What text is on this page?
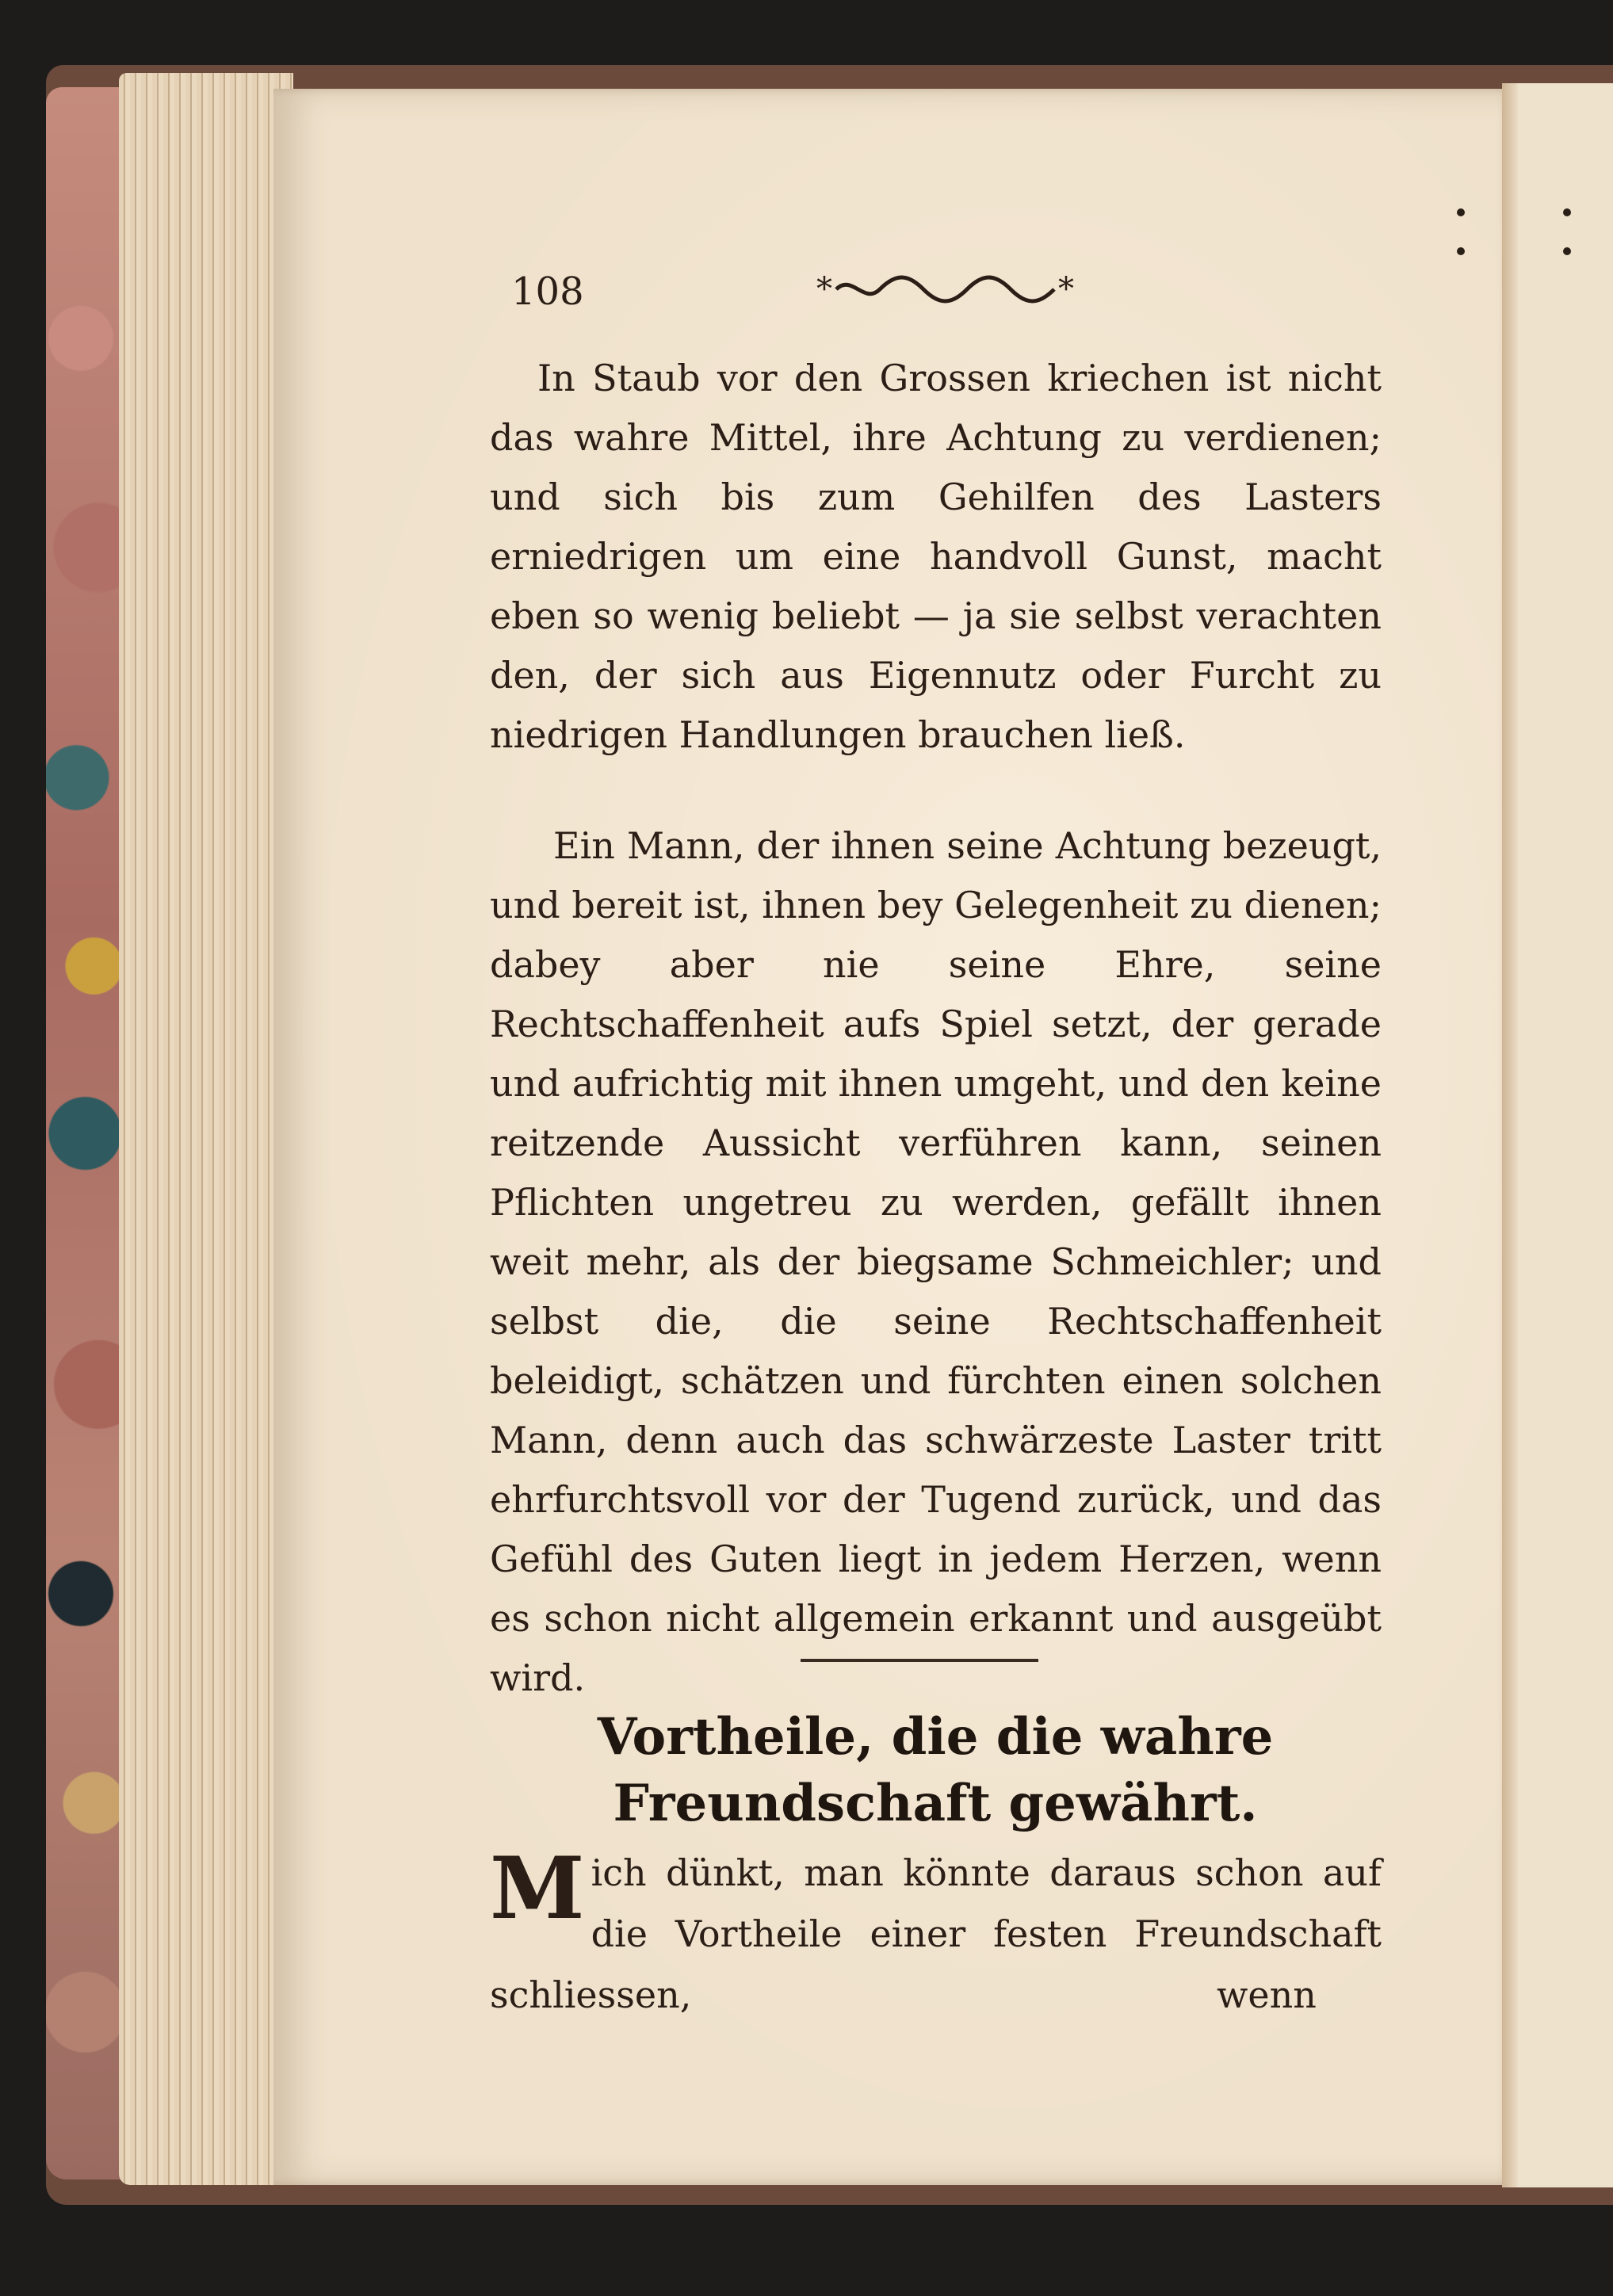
108	*	*

In Staub vor den Grossen kriechen ist nicht das wahre Mittel, ihre Achtung zu verdienen; und sich bis zum Gehilfen des Lasters erniedrigen um eine handvoll Gunst, macht eben so wenig beliebt — ja sie selbst verachten den, der sich aus Eigennutz oder Furcht zu niedrigen Handlungen brauchen ließ.

Ein Mann, der ihnen seine Achtung bezeugt, und bereit ist, ihnen bey Gelegenheit zu dienen; dabey aber nie seine Ehre, seine Rechtschaffenheit aufs Spiel setzt, der gerade und aufrichtig mit ihnen umgeht, und den keine reitzende Aussicht verführen kann, seinen Pflichten ungetreu zu werden, gefällt ihnen weit mehr, als der biegsame Schmeichler; und selbst die, die seine Rechtschaffenheit beleidigt, schätzen und fürchten einen solchen Mann, denn auch das schwärzeste Laster tritt ehrfurchtsvoll vor der Tugend zurück, und das Gefühl des Guten liegt in jedem Herzen, wenn es schon nicht allgemein erkannt und ausgeübt wird.

Vortheile, die die wahre Freundschaft gewährt.
M ich dünkt, man könnte daraus schon auf die Vortheile einer festen Freundschaft schliessen,	wenn
